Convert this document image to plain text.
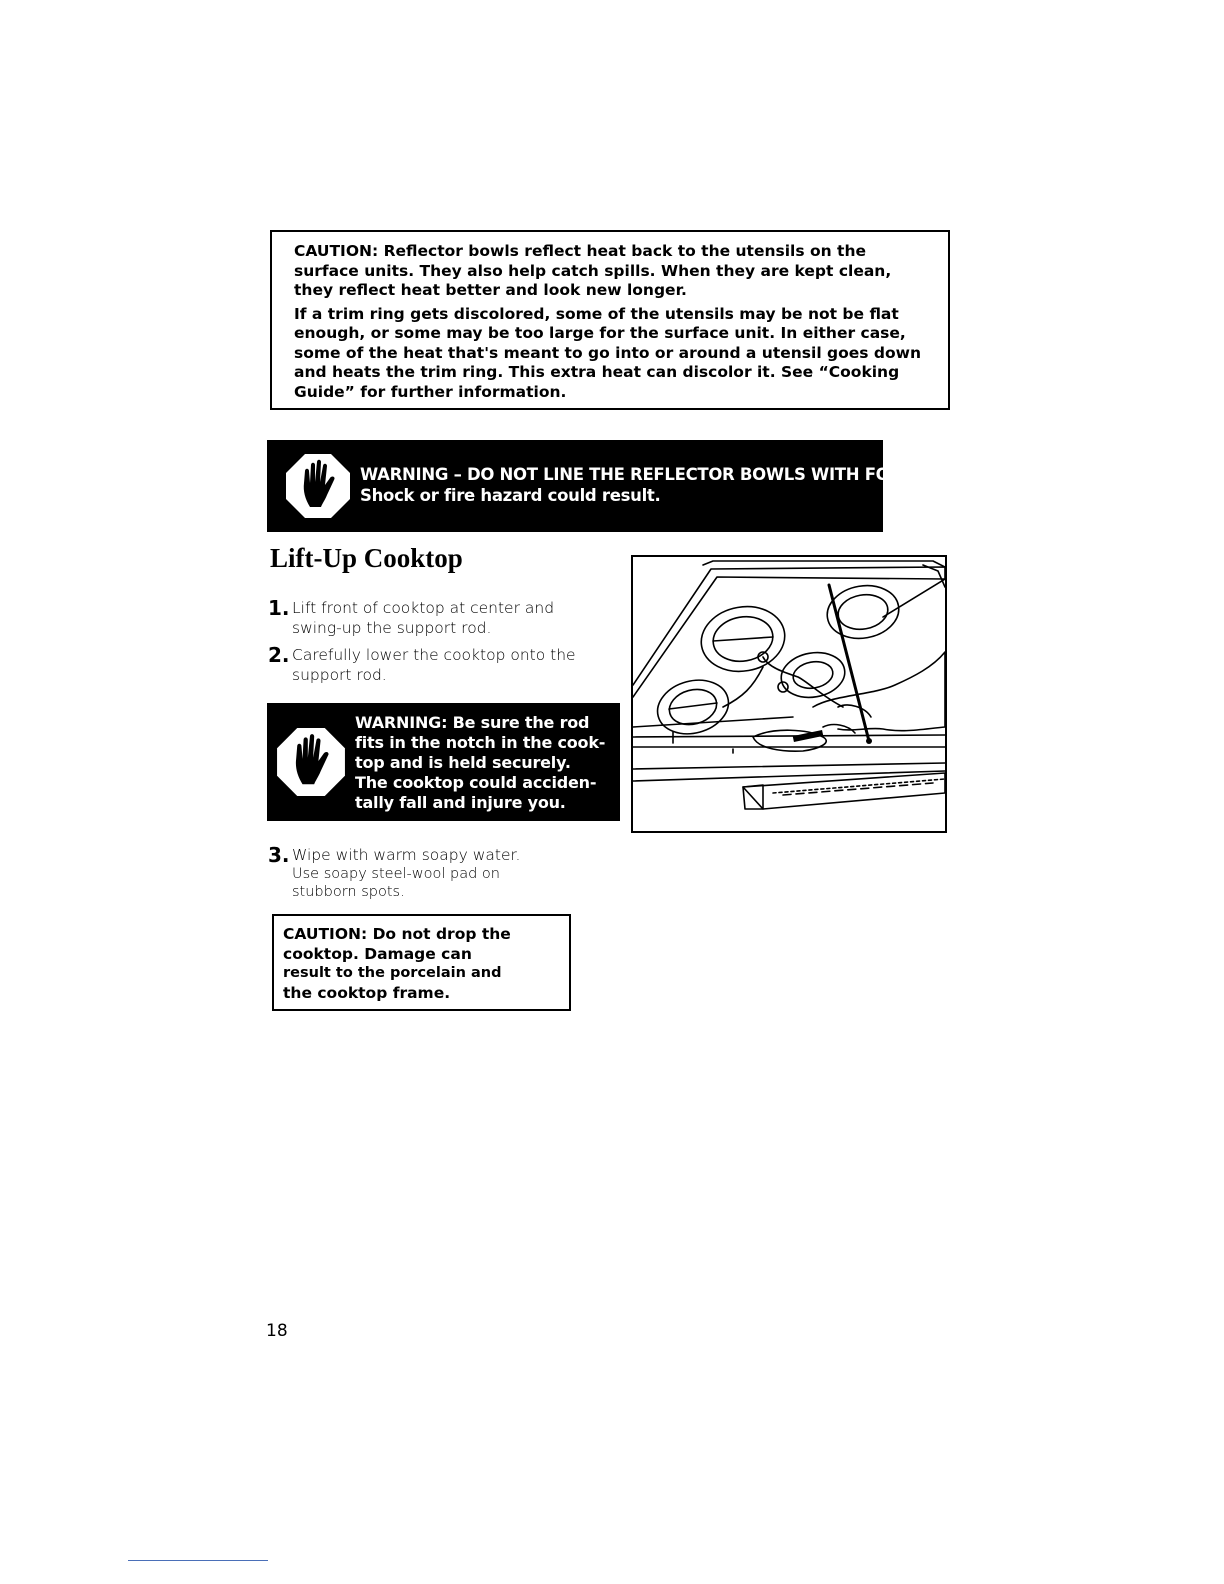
CAUTION: Reflector bowls reflect heat back to the utensils on the surface units. They also help catch spills. When they are kept clean, they reflect heat better and look new longer.

If a trim ring gets discolored, some of the utensils may be not be flat enough, or some may be too large for the surface unit. In either case, some of the heat that's meant to go into or around a utensil goes down and heats the trim ring. This extra heat can discolor it. See “Cooking Guide” for further information.

WARNING – DO NOT LINE THE REFLECTOR BOWLS WITH FOIL.
Shock or fire hazard could result.
Lift-Up Cooktop
1. Lift front of cooktop at center and swing-up the support rod.
2. Carefully lower the cooktop onto the support rod.
WARNING: Be sure the rod
fits in the notch in the cook-
top and is held securely.
The cooktop could acciden-
tally fall and injure you.
3. Wipe with warm soapy water.
Use soapy steel-wool pad on stubborn spots.
CAUTION: Do not drop the
cooktop. Damage can
result to the porcelain and
the cooktop frame.

18
